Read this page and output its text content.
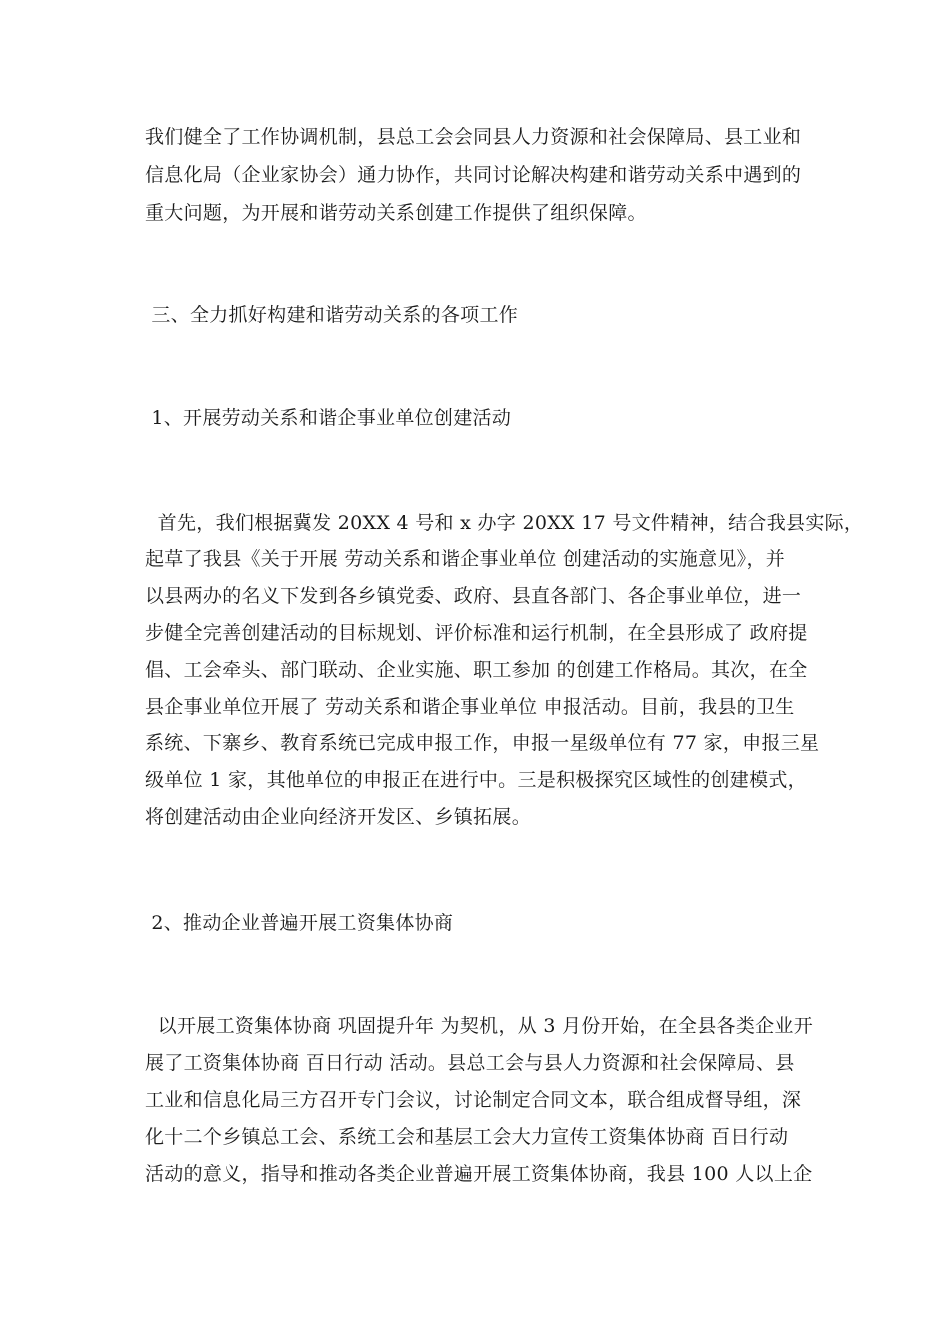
我们健全了工作协调机制，县总工会会同县人力资源和社会保障局、县工业和
信息化局（企业家协会）通力协作，共同讨论解决构建和谐劳动关系中遇到的
重大问题，为开展和谐劳动关系创建工作提供了组织保障。
三、全力抓好构建和谐劳动关系的各项工作
1、开展劳动关系和谐企事业单位创建活动
首先，我们根据冀发 20XX 4 号和 x 办字 20XX 17 号文件精神，结合我县实际，
起草了我县《关于开展 劳动关系和谐企事业单位 创建活动的实施意见》，并
以县两办的名义下发到各乡镇党委、政府、县直各部门、各企事业单位，进一
步健全完善创建活动的目标规划、评价标准和运行机制，在全县形成了 政府提
倡、工会牵头、部门联动、企业实施、职工参加 的创建工作格局。其次，在全
县企事业单位开展了 劳动关系和谐企事业单位 申报活动。目前，我县的卫生
系统、下寨乡、教育系统已完成申报工作，申报一星级单位有 77 家，申报三星
级单位 1 家，其他单位的申报正在进行中。三是积极探究区域性的创建模式，
将创建活动由企业向经济开发区、乡镇拓展。
2、推动企业普遍开展工资集体协商
以开展工资集体协商 巩固提升年 为契机，从 3 月份开始，在全县各类企业开
展了工资集体协商 百日行动 活动。县总工会与县人力资源和社会保障局、县
工业和信息化局三方召开专门会议，讨论制定合同文本，联合组成督导组，深
化十二个乡镇总工会、系统工会和基层工会大力宣传工资集体协商 百日行动
活动的意义，指导和推动各类企业普遍开展工资集体协商，我县 100 人以上企
